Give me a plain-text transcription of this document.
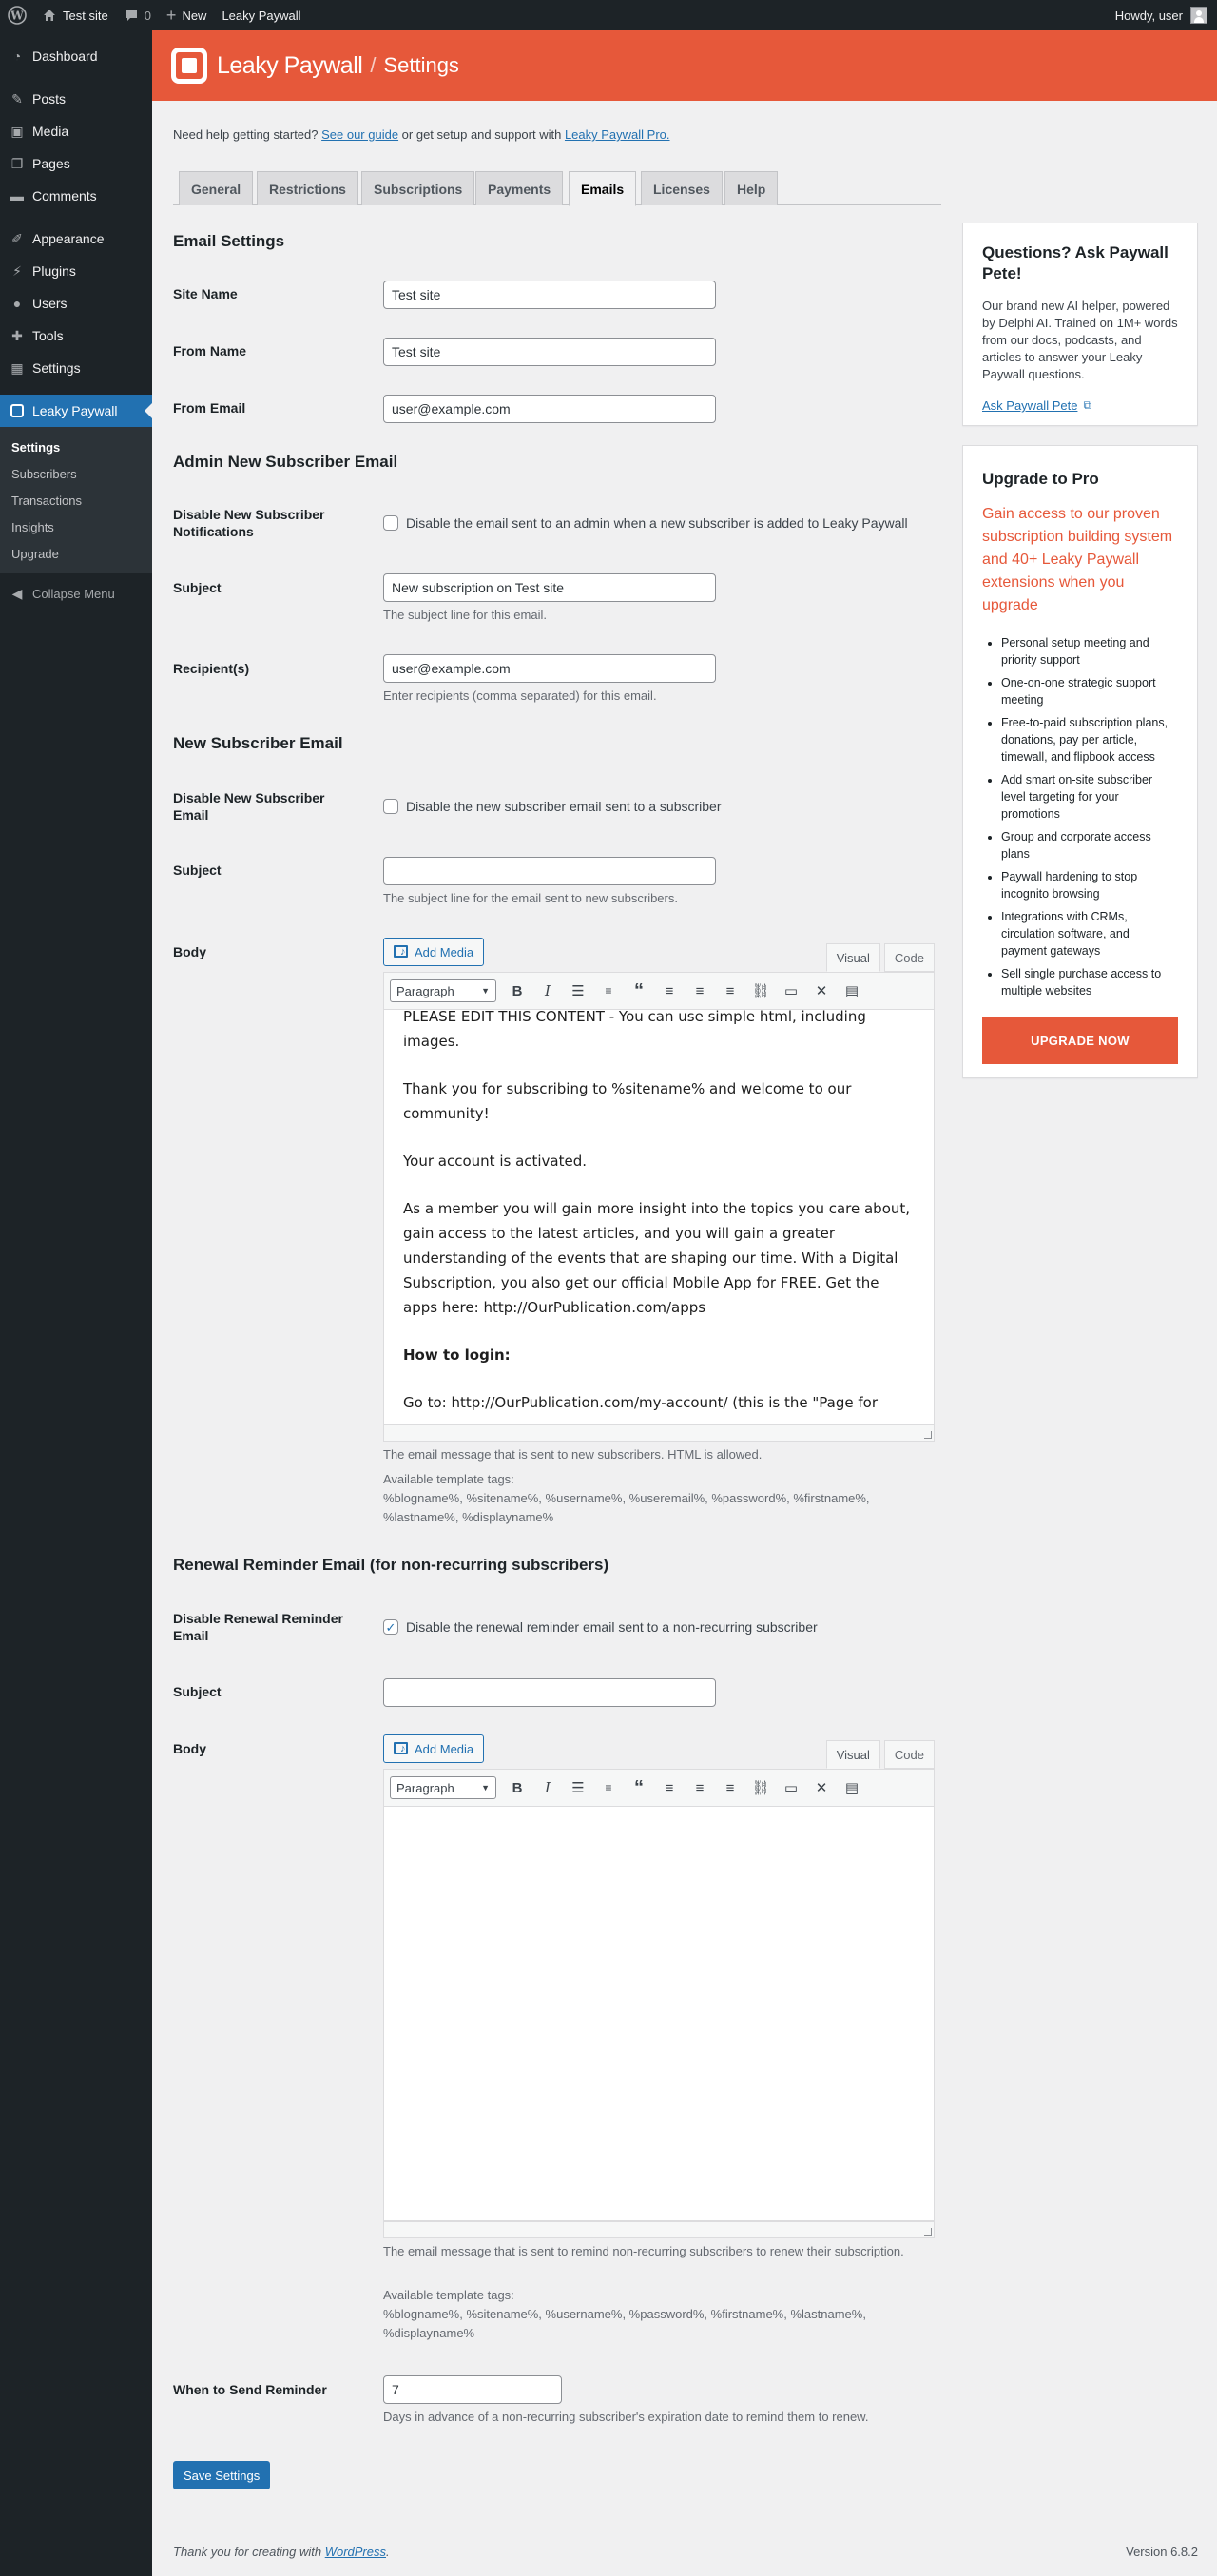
W	Test site	0 + New Leaky Paywall	Howdy, user
◔ Dashboard
✎ Posts
▣ Media
❐ Pages
▬ Comments
✐ Appearance
⚡ Plugins
● Users
✚ Tools
▦ Settings
Leaky Paywall
Settings
Subscribers
Transactions
Insights
Upgrade
◀ Collapse Menu
Leaky Paywall / Settings
Need help getting started? See our guide or get setup and support with Leaky Paywall Pro.
General	Restrictions	Subscriptions	Payments	Emails	Licenses	Help
Email Settings
Site Name	Test site
From Name	Test site
From Email	user@example.com
Admin New Subscriber Email
Disable New Subscriber Notifications
Disable the email sent to an admin when a new subscriber is added to Leaky Paywall
Subject	New subscription on Test site
The subject line for this email.
Recipient(s)	user@example.com
Enter recipients (comma separated) for this email.
New Subscriber Email
Disable New Subscriber Email
Disable the new subscriber email sent to a subscriber
Subject
The subject line for the email sent to new subscribers.
Body ♪	Add Media	Visual	Code
Paragraph	▼	B	I	☰	≡	“	≡	≡	≡	⛓	▭	✕	▤

PLEASE EDIT THIS CONTENT - You can use simple html, including images.

Thank you for subscribing to %sitename% and welcome to our community!

Your account is activated.

As a member you will gain more insight into the topics you care about, gain access to the latest articles, and you will gain a greater understanding of the events that are shaping our time. With a Digital Subscription, you also get our official Mobile App for FREE. Get the apps here: http://OurPublication.com/apps

How to login:

Go to: http://OurPublication.com/my-account/ (this is the "Page for

The email message that is sent to new subscribers. HTML is allowed.
Available template tags:
%blogname%, %sitename%, %username%, %useremail%, %password%, %firstname%, %lastname%, %displayname%
Renewal Reminder Email (for non-recurring subscribers)
Disable Renewal Reminder Email
✓ Disable the renewal reminder email sent to a non-recurring subscriber
Subject
Body ♪	Add Media	Visual	Code
Paragraph	▼	B	I	☰	≡	“	≡	≡	≡	⛓	▭	✕	▤
The email message that is sent to remind non-recurring subscribers to renew their subscription.
Available template tags:
%blogname%, %sitename%, %username%, %password%, %firstname%, %lastname%, %displayname%
When to Send Reminder	7
Days in advance of a non-recurring subscriber's expiration date to remind them to renew.
Save Settings
Questions? Ask Paywall Pete!

Our brand new AI helper, powered by Delphi AI. Trained on 1M+ words from our docs, podcasts, and articles to answer your Leaky Paywall questions.

Ask Paywall Pete ⧉
Upgrade to Pro

Gain access to our proven subscription building system and 40+ Leaky Paywall extensions when you upgrade

• Personal setup meeting and priority support
• One-on-one strategic support meeting
• Free-to-paid subscription plans, donations, pay per article, timewall, and flipbook access
• Add smart on-site subscriber level targeting for your promotions
• Group and corporate access plans
• Paywall hardening to stop incognito browsing
• Integrations with CRMs, circulation software, and payment gateways
• Sell single purchase access to multiple websites
UPGRADE NOW
Thank you for creating with WordPress.	Version 6.8.2
